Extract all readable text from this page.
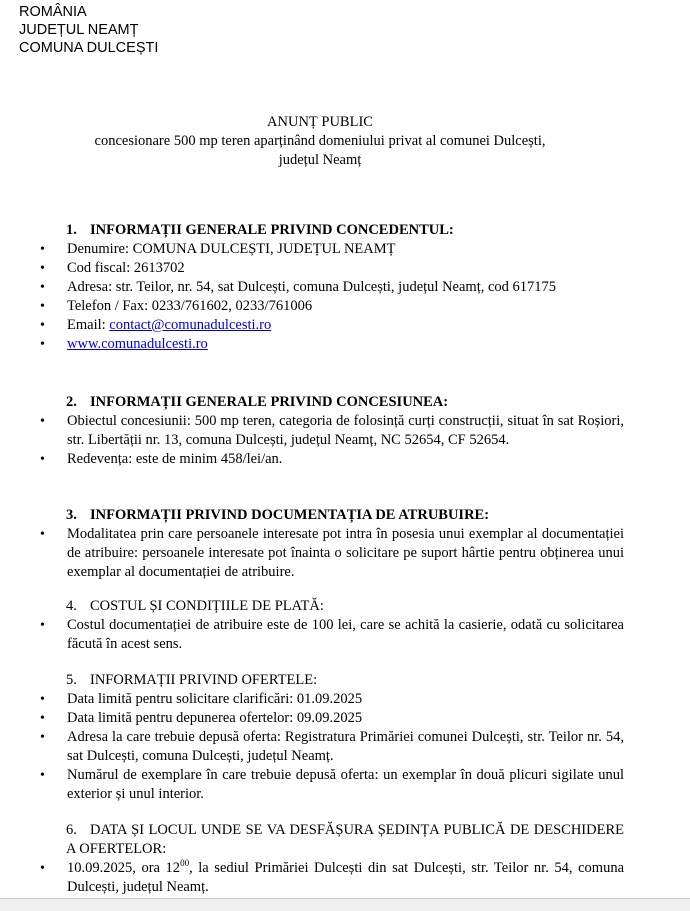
ROMÂNIA
JUDEȚUL NEAMȚ
COMUNA DULCEȘTI
ANUNȚ PUBLIC
concesionare 500 mp teren aparținând domeniului privat al comunei Dulcești,
județul Neamț
1. INFORMAȚII GENERALE PRIVIND CONCEDENTUL:
• Denumire: COMUNA DULCEȘTI, JUDEȚUL NEAMȚ
• Cod fiscal: 2613702
• Adresa: str. Teilor, nr. 54, sat Dulcești, comuna Dulcești, județul Neamț, cod 617175
• Telefon / Fax: 0233/761602, 0233/761006
• Email: contact@comunadulcesti.ro
• www.comunadulcesti.ro
2. INFORMAȚII GENERALE PRIVIND CONCESIUNEA:
• Obiectul concesiunii: 500 mp teren, categoria de folosință curți construcții, situat în sat Roșiori, str. Libertății nr. 13, comuna Dulcești, județul Neamț, NC 52654, CF 52654.
• Redevența: este de minim 458/lei/an.
3. INFORMAȚII PRIVIND DOCUMENTAȚIA DE ATRUBUIRE:
• Modalitatea prin care persoanele interesate pot intra în posesia unui exemplar al documentației de atribuire: persoanele interesate pot înainta o solicitare pe suport hârtie pentru obținerea unui exemplar al documentației de atribuire.
4. COSTUL ȘI CONDIȚIILE DE PLATĂ:
• Costul documentației de atribuire este de 100 lei, care se achită la casierie, odată cu solicitarea făcută în acest sens.
5. INFORMAȚII PRIVIND OFERTELE:
• Data limită pentru solicitare clarificări: 01.09.2025
• Data limită pentru depunerea ofertelor: 09.09.2025
• Adresa la care trebuie depusă oferta: Registratura Primăriei comunei Dulcești, str. Teilor nr. 54, sat Dulcești, comuna Dulcești, județul Neamț.
• Numărul de exemplare în care trebuie depusă oferta: un exemplar în două plicuri sigilate unul exterior și unul interior.
6. DATA ȘI LOCUL UNDE SE VA DESFĂȘURA ȘEDINȚA PUBLICĂ DE DESCHIDERE A OFERTELOR:
• 10.09.2025, ora $12^{00}$, la sediul Primăriei Dulcești din sat Dulcești, str. Teilor nr. 54, comuna Dulcești, județul Neamț.
